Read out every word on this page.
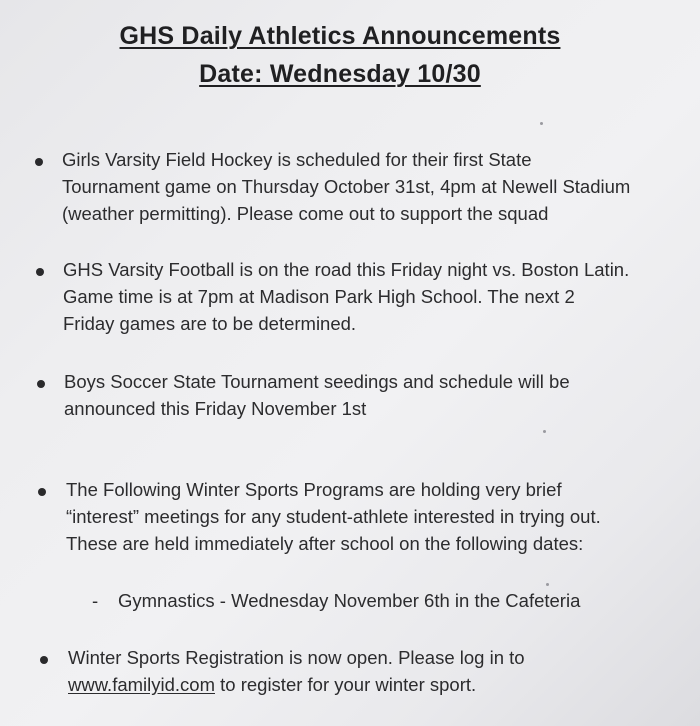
GHS Daily Athletics Announcements
Date: Wednesday 10/30
Girls Varsity Field Hockey is scheduled for their first State
Tournament game on Thursday October 31st, 4pm at Newell Stadium
(weather permitting). Please come out to support the squad
GHS Varsity Football is on the road this Friday night vs. Boston Latin.
Game time is at 7pm at Madison Park High School. The next 2
Friday games are to be determined.
Boys Soccer State Tournament seedings and schedule will be
announced this Friday November 1st
The Following Winter Sports Programs are holding very brief
“interest” meetings for any student-athlete interested in trying out.
These are held immediately after school on the following dates:
- Gymnastics - Wednesday November 6th in the Cafeteria
Winter Sports Registration is now open. Please log in to
www.familyid.com to register for your winter sport.
